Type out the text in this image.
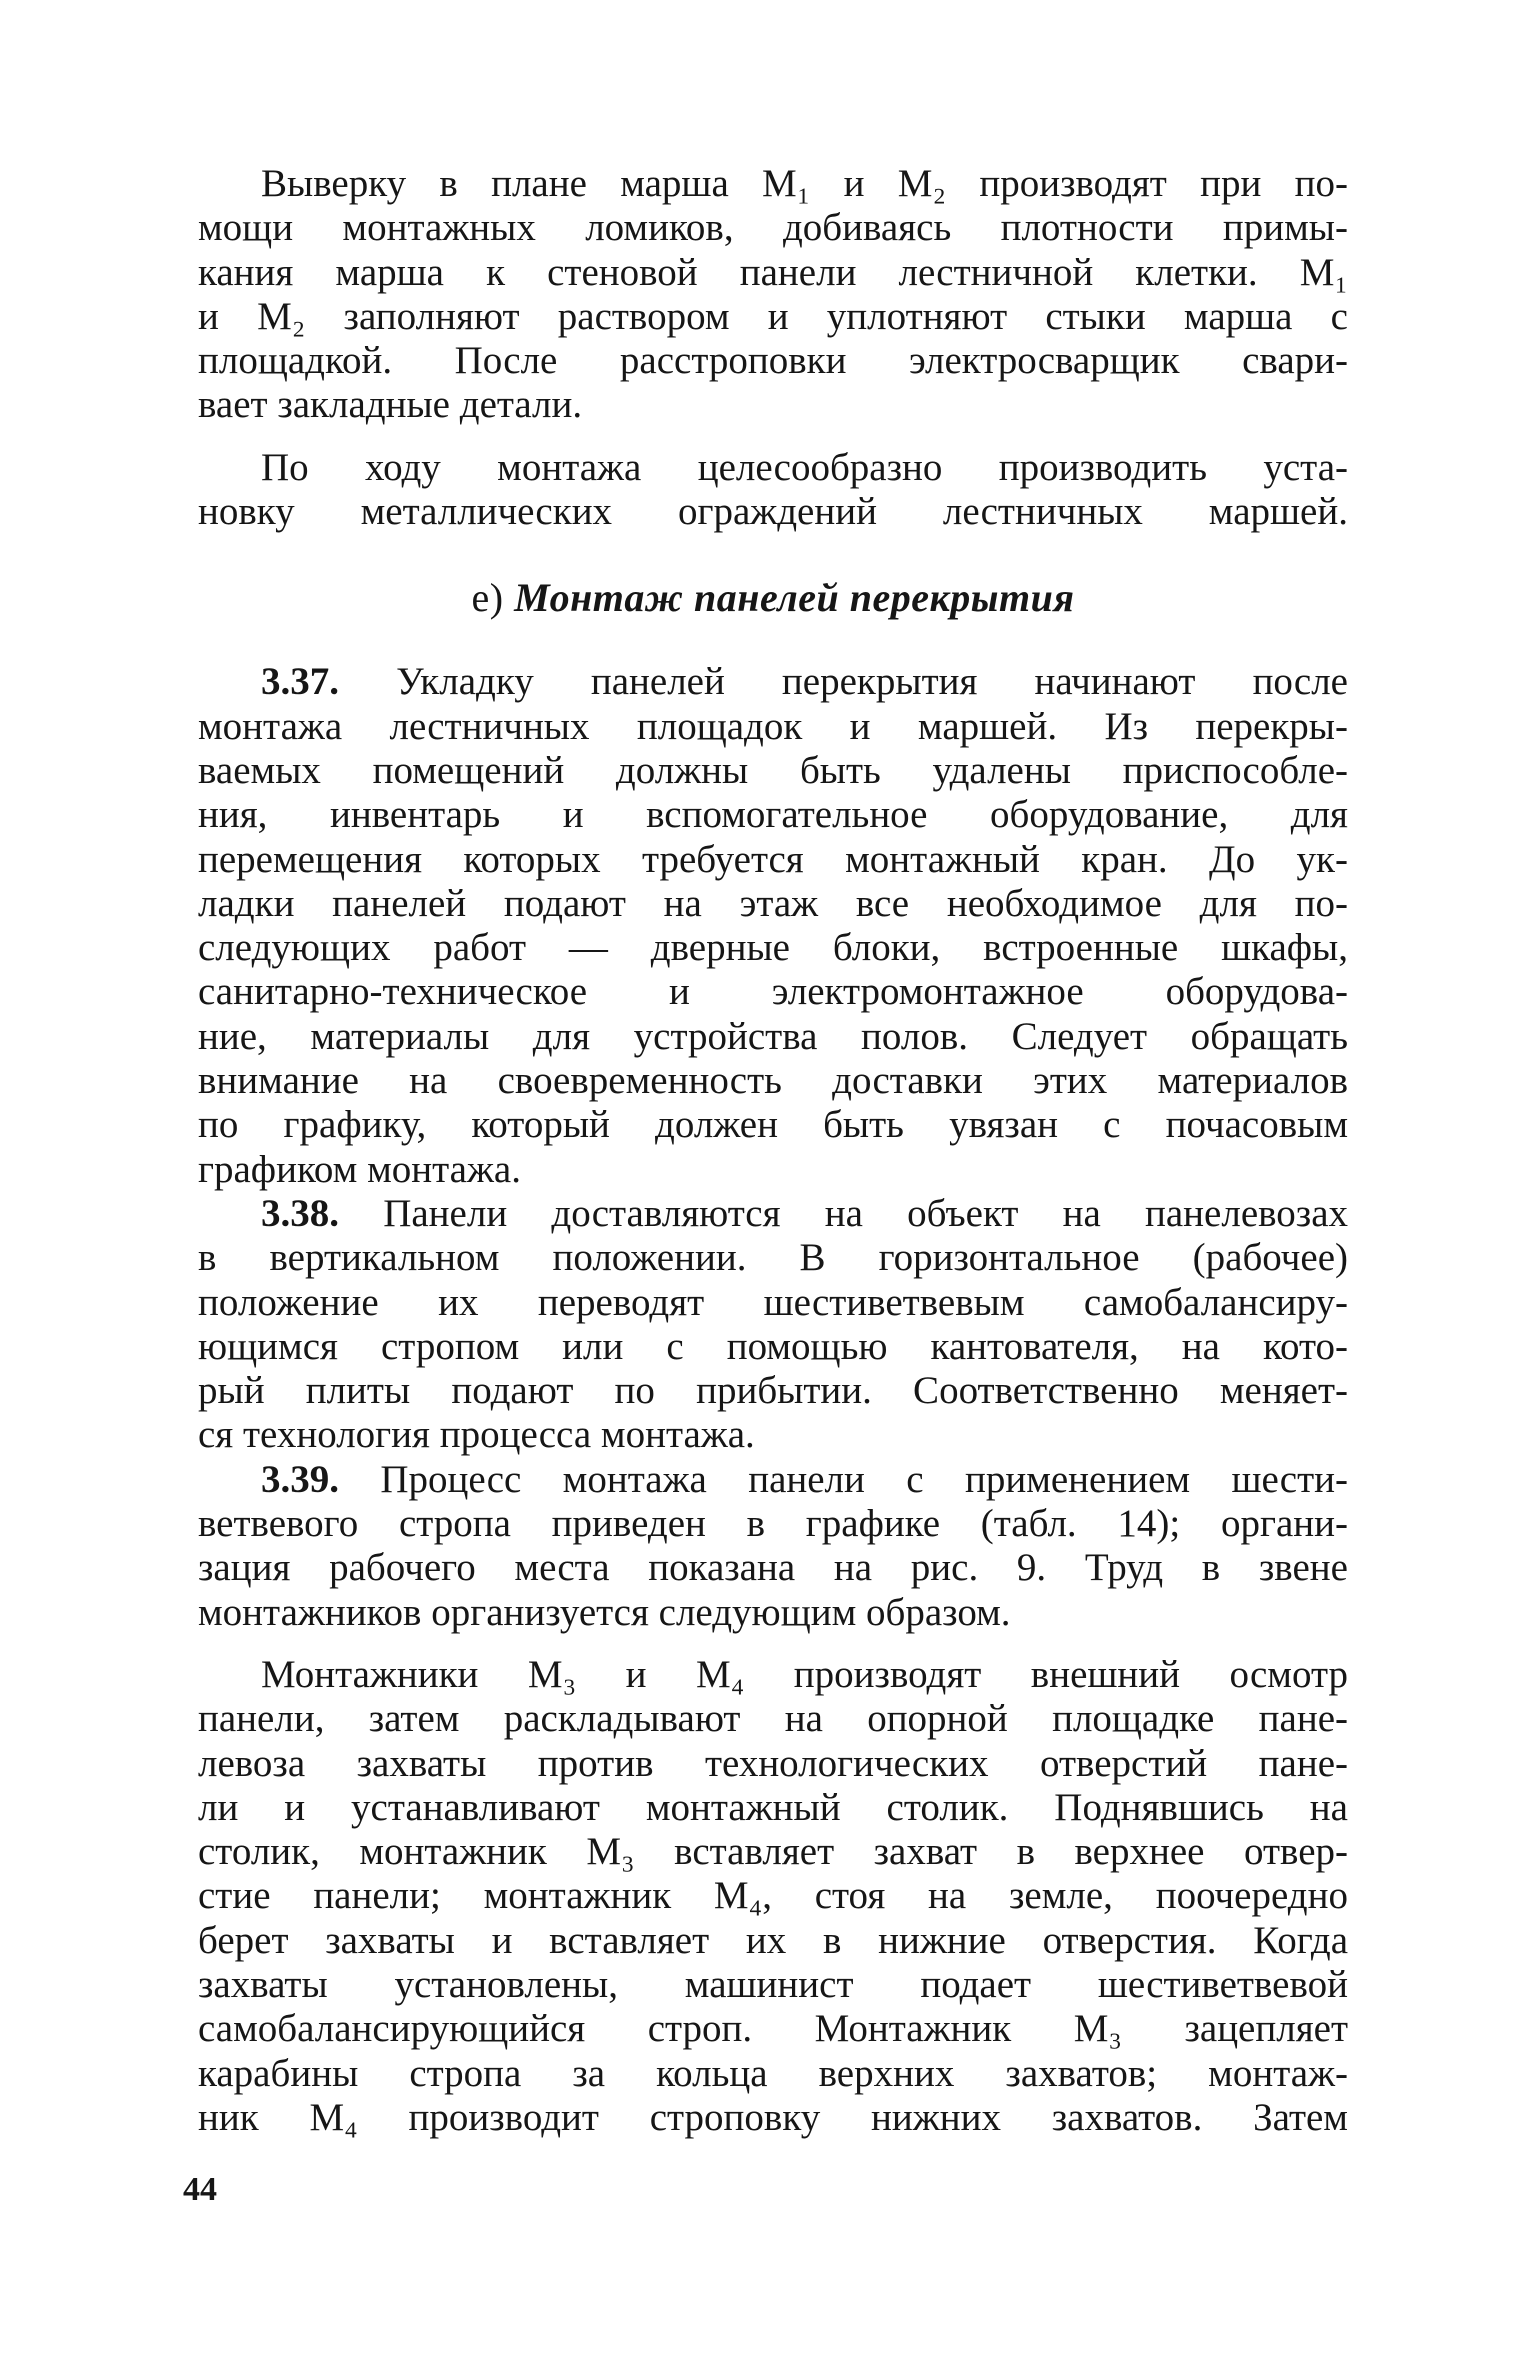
Выверку в плане марша М₁ и М₂ производят при по-
мощи монтажных ломиков, добиваясь плотности примы-
кания марша к стеновой панели лестничной клетки. М₁
и М₂ заполняют раствором и уплотняют стыки марша с
площадкой. После расстроповки электросварщик свари-
вает закладные детали.
По ходу монтажа целесообразно производить уста-
новку металлических ограждений лестничных маршей.
е) Монтаж панелей перекрытия
3.37. Укладку панелей перекрытия начинают после
монтажа лестничных площадок и маршей. Из перекры-
ваемых помещений должны быть удалены приспособле-
ния, инвентарь и вспомогательное оборудование, для
перемещения которых требуется монтажный кран. До ук-
ладки панелей подают на этаж все необходимое для по-
следующих работ — дверные блоки, встроенные шкафы,
санитарно-техническое и электромонтажное оборудова-
ние, материалы для устройства полов. Следует обращать
внимание на своевременность доставки этих материалов
по графику, который должен быть увязан с почасовым
графиком монтажа.
3.38. Панели доставляются на объект на панелевозах
в вертикальном положении. В горизонтальное (рабочее)
положение их переводят шестиветвевым самобалансиру-
ющимся стропом или с помощью кантователя, на кото-
рый плиты подают по прибытии. Соответственно меняет-
ся технология процесса монтажа.
3.39. Процесс монтажа панели с применением шести-
ветвевого стропа приведен в графике (табл. 14); органи-
зация рабочего места показана на рис. 9. Труд в звене
монтажников организуется следующим образом.
Монтажники М₃ и М₄ производят внешний осмотр
панели, затем раскладывают на опорной площадке пане-
левоза захваты против технологических отверстий пане-
ли и устанавливают монтажный столик. Поднявшись на
столик, монтажник М₃ вставляет захват в верхнее отвер-
стие панели; монтажник М₄, стоя на земле, поочередно
берет захваты и вставляет их в нижние отверстия. Когда
захваты установлены, машинист подает шестиветвевой
самобалансирующийся строп. Монтажник М₃ зацепляет
карабины стропа за кольца верхних захватов; монтаж-
ник М₄ производит строповку нижних захватов. Затем
44
